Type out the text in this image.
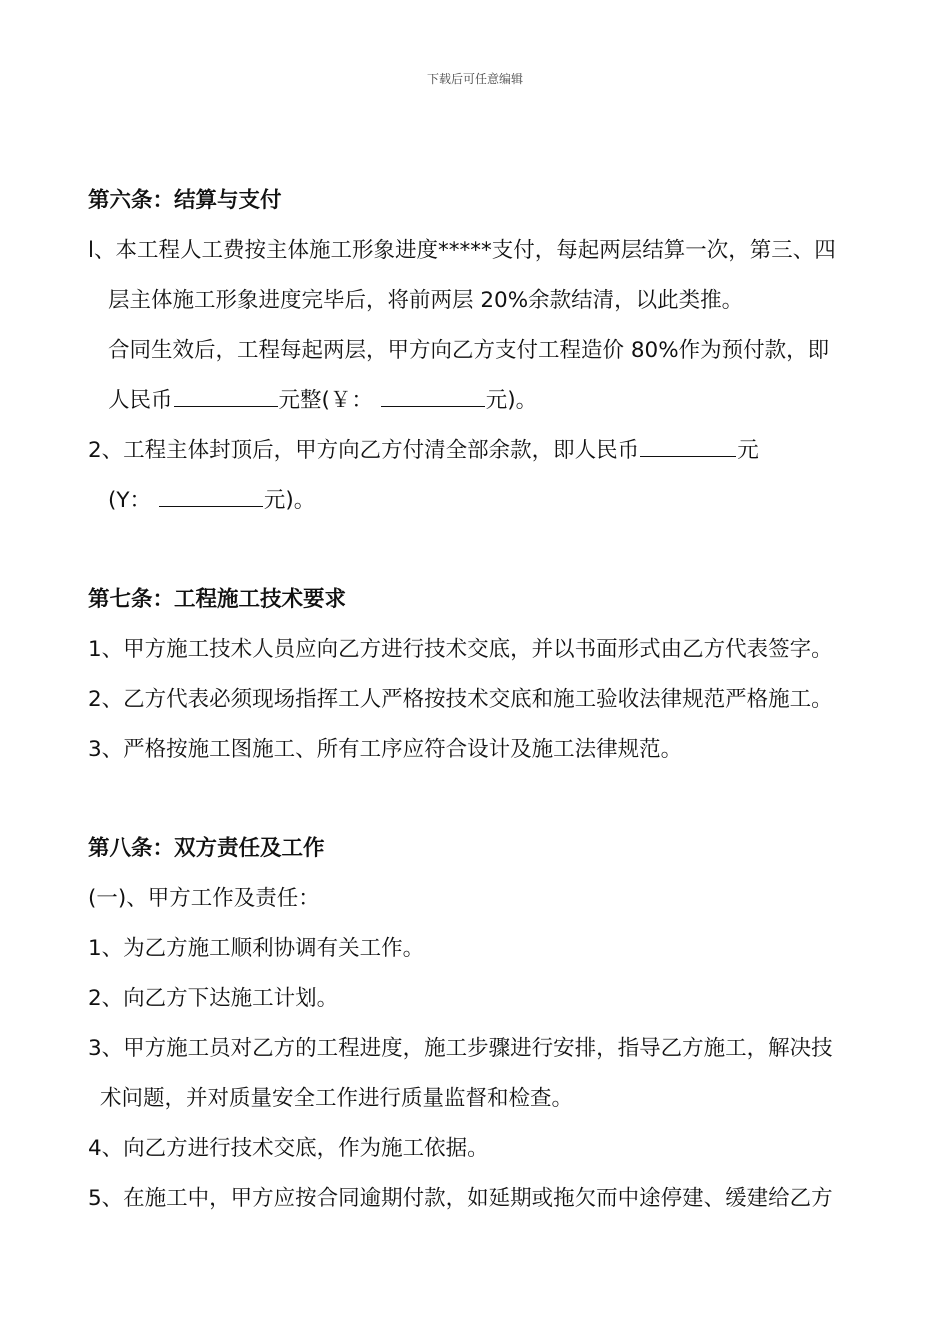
下载后可任意编辑
第六条：结算与支付
l、本工程人工费按主体施工形象进度*****支付，每起两层结算一次，第三、四
层主体施工形象进度完毕后，将前两层 20%余款结清，以此类推。
合同生效后，工程每起两层，甲方向乙方支付工程造价 80%作为预付款，即
人民币	元整(￥：	元)。
2、工程主体封顶后，甲方向乙方付清全部余款，即人民币	元
(Y：	元)。
第七条：工程施工技术要求
1、甲方施工技术人员应向乙方进行技术交底，并以书面形式由乙方代表签字。
2、乙方代表必须现场指挥工人严格按技术交底和施工验收法律规范严格施工。
3、严格按施工图施工、所有工序应符合设计及施工法律规范。
第八条：双方责任及工作
(一)、甲方工作及责任：
1、为乙方施工顺利协调有关工作。
2、向乙方下达施工计划。
3、甲方施工员对乙方的工程进度，施工步骤进行安排，指导乙方施工，解决技
术问题，并对质量安全工作进行质量监督和检查。
4、向乙方进行技术交底，作为施工依据。
5、在施工中，甲方应按合同逾期付款，如延期或拖欠而中途停建、缓建给乙方
